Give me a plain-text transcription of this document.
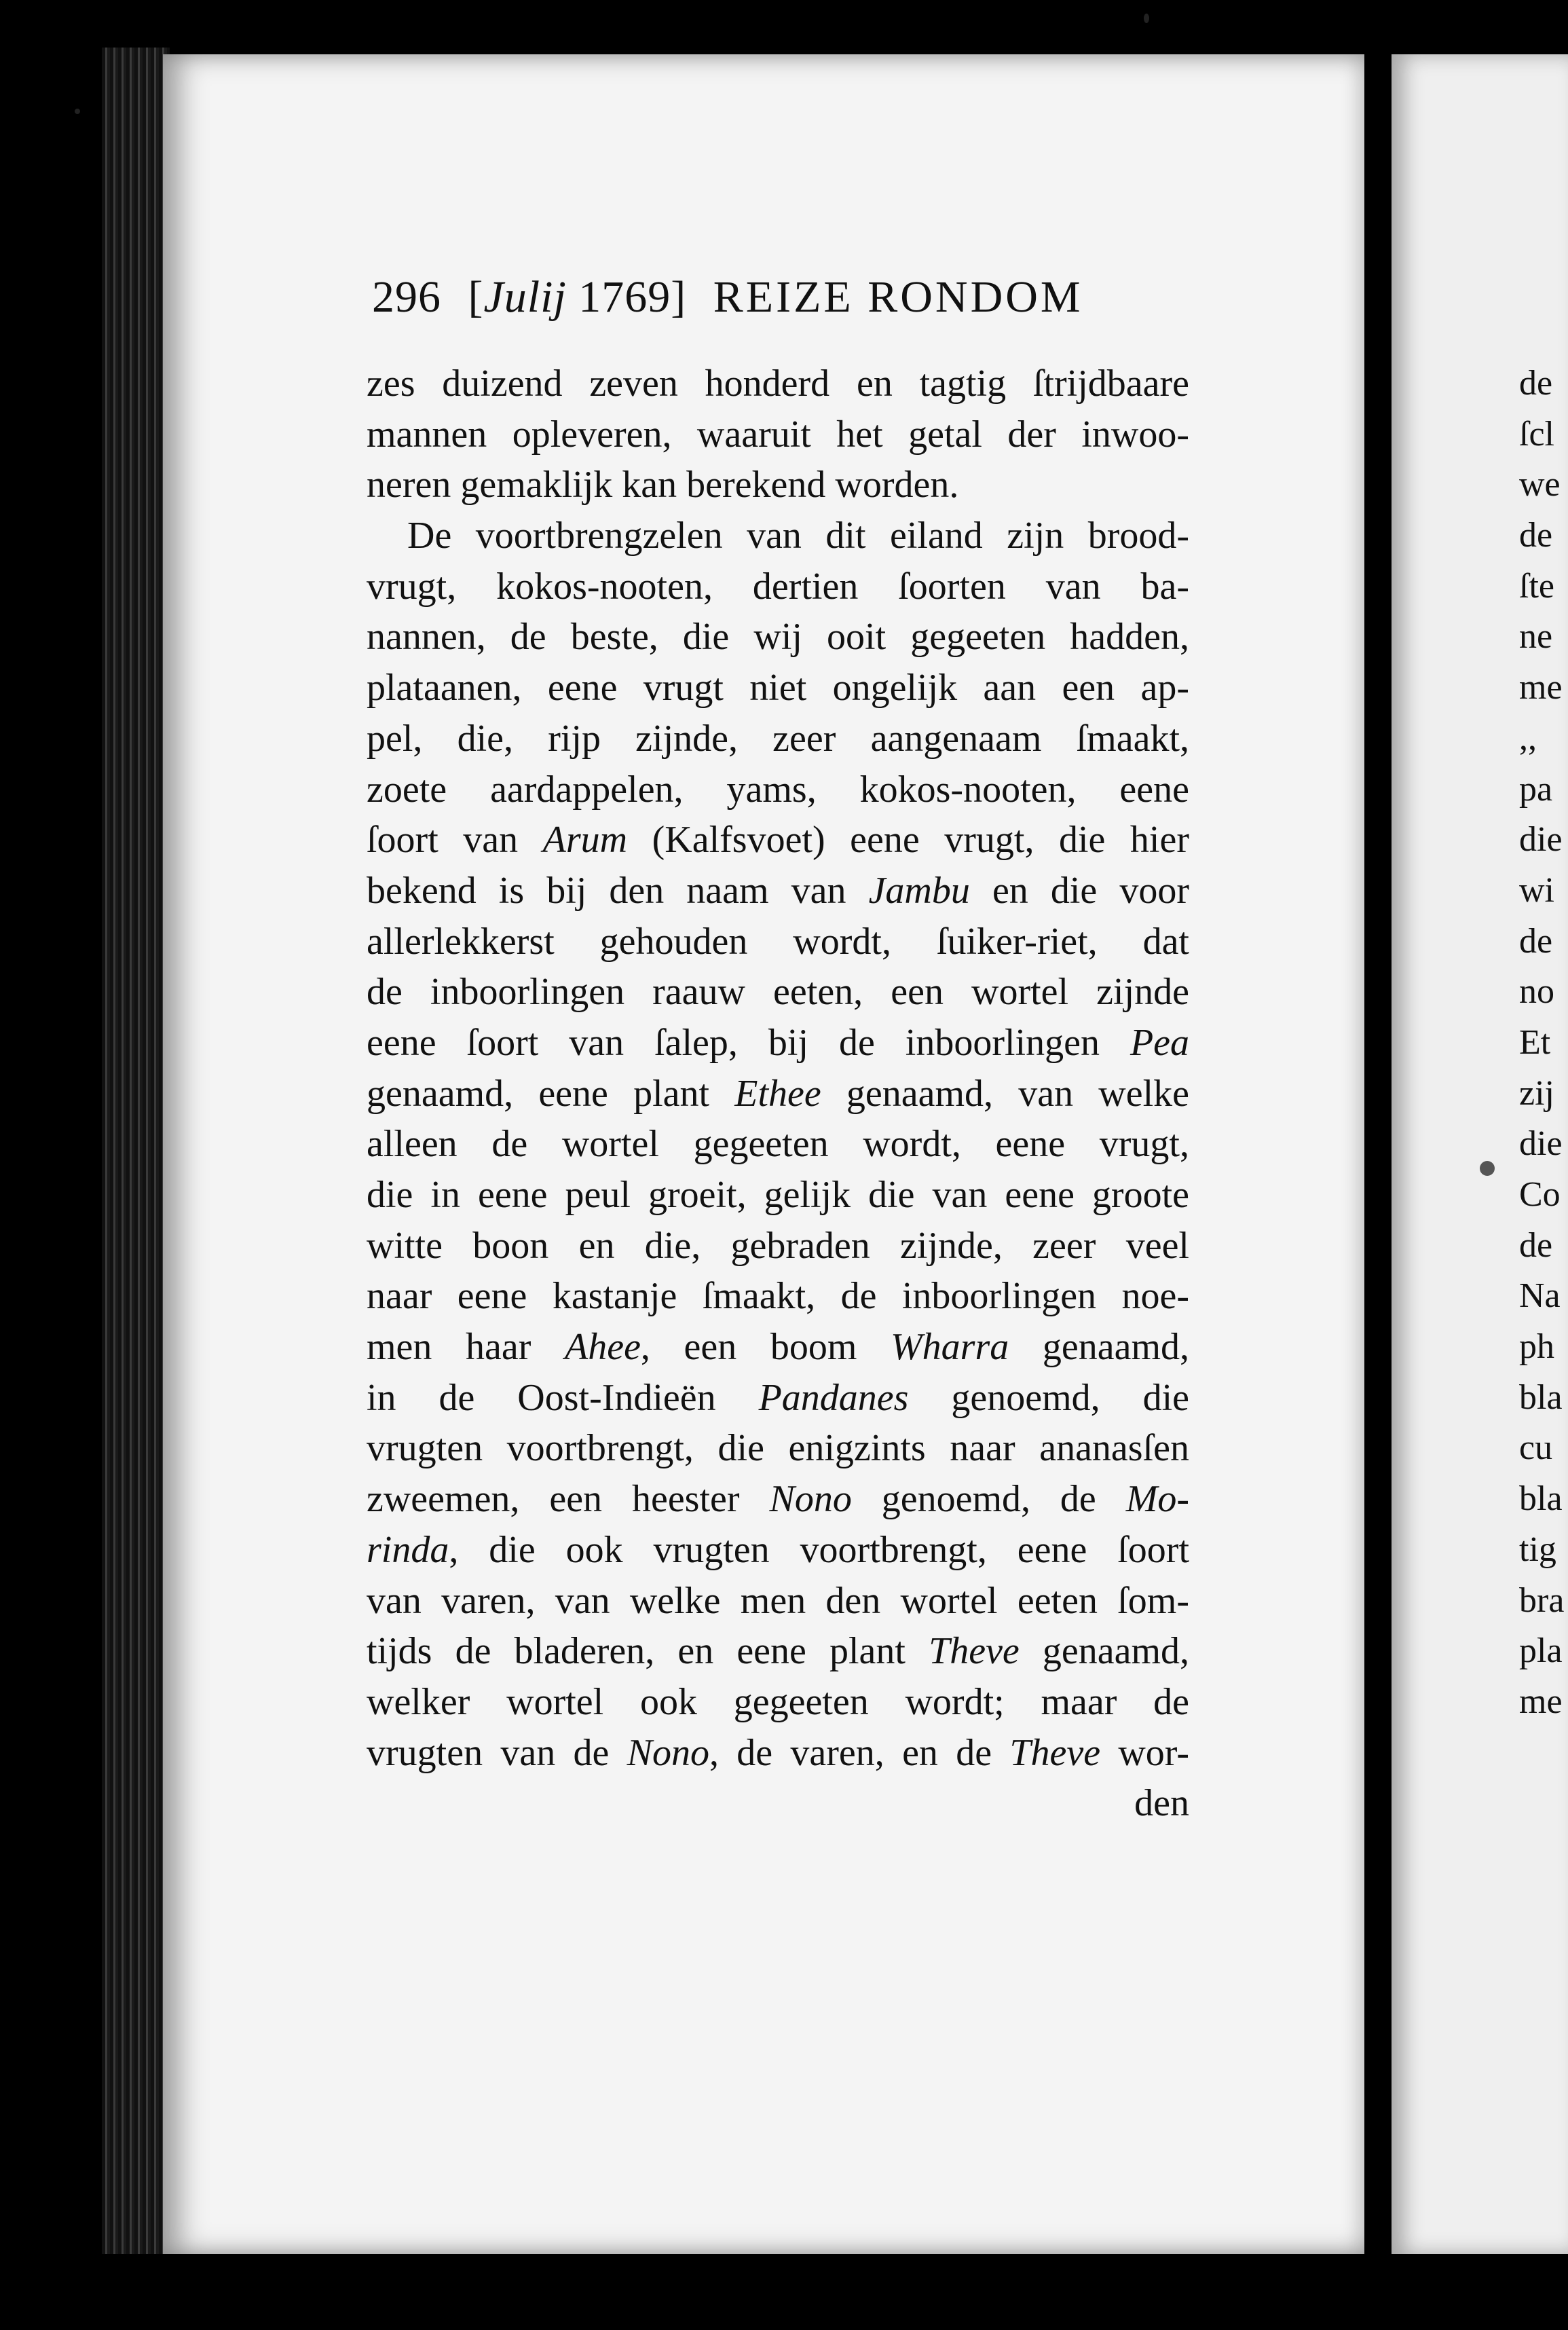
296 [Julij 1769] REIZE RONDOM
zes duizend zeven honderd en tagtig ſtrijdbaare
mannen opleveren, waaruit het getal der inwoo-
neren gemaklijk kan berekend worden.
De voortbrengzelen van dit eiland zijn brood-
vrugt, kokos-nooten, dertien ſoorten van ba-
nannen, de beste, die wij ooit gegeeten hadden,
plataanen, eene vrugt niet ongelijk aan een ap-
pel, die, rijp zijnde, zeer aangenaam ſmaakt,
zoete aardappelen, yams, kokos-nooten, eene
ſoort van Arum (Kalfsvoet) eene vrugt, die hier
bekend is bij den naam van Jambu en die voor
allerlekkerst gehouden wordt, ſuiker-riet, dat
de inboorlingen raauw eeten, een wortel zijnde
eene ſoort van ſalep, bij de inboorlingen Pea
genaamd, eene plant Ethee genaamd, van welke
alleen de wortel gegeeten wordt, eene vrugt,
die in eene peul groeit, gelijk die van eene groote
witte boon en die, gebraden zijnde, zeer veel
naar eene kastanje ſmaakt, de inboorlingen noe-
men haar Ahee, een boom Wharra genaamd,
in de Oost-Indieën Pandanes genoemd, die
vrugten voortbrengt, die enigzints naar ananasſen
zweemen, een heester Nono genoemd, de Mo-
rinda, die ook vrugten voortbrengt, eene ſoort
van varen, van welke men den wortel eeten ſom-
tijds de bladeren, en eene plant Theve genaamd,
welker wortel ook gegeeten wordt; maar de
vrugten van de Nono, de varen, en de Theve wor-
den
de
ſcl
we
de
ſte
ne
me
,,
pa
die
wi
de
no
Et
zij
die
Co
de
Na
ph
bla
cu
bla
tig
bra
pla
me
